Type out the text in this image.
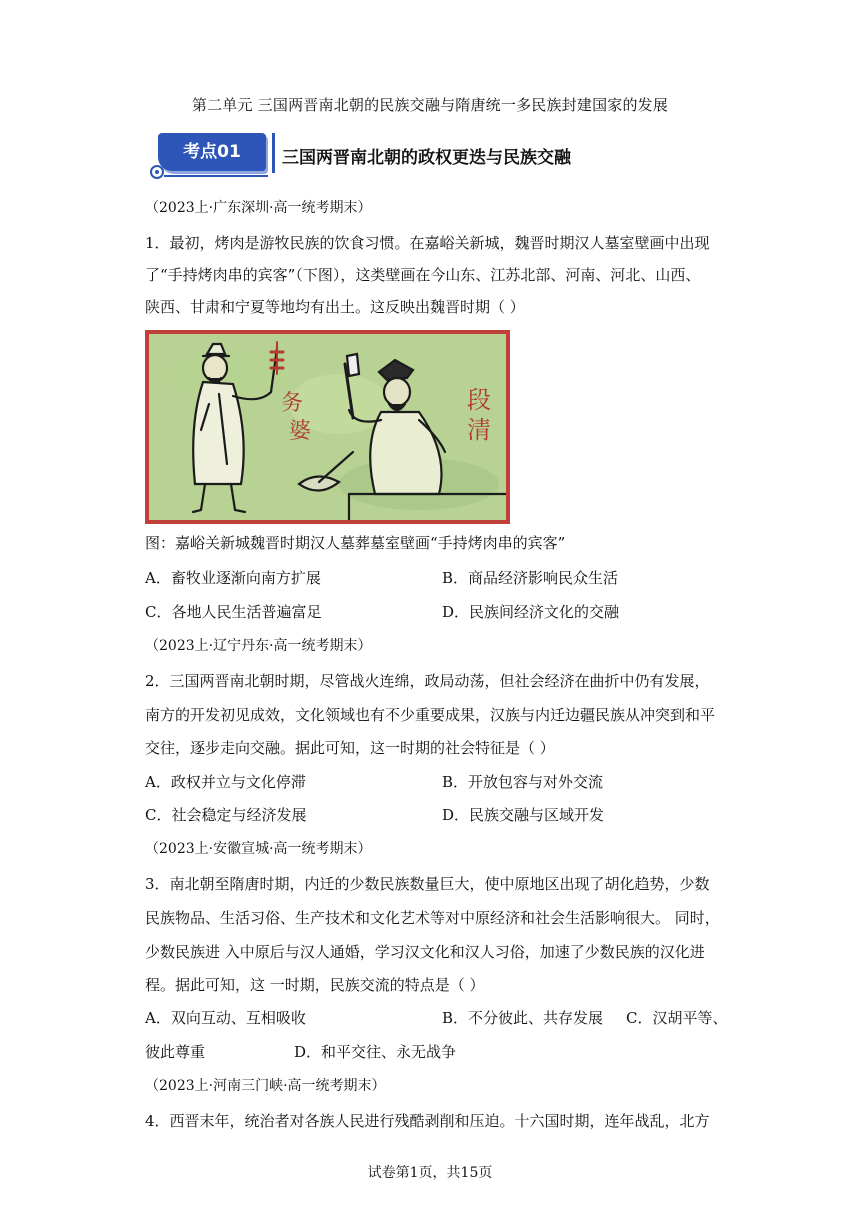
第二单元 三国两晋南北朝的民族交融与隋唐统一多民族封建国家的发展
考点01	三国两晋南北朝的政权更迭与民族交融
（2023上·广东深圳·高一统考期末）
1．最初，烤肉是游牧民族的饮食习惯。在嘉峪关新城，魏晋时期汉人墓室壁画中出现
了“手持烤肉串的宾客”（下图），这类壁画在今山东、江苏北部、河南、河北、山西、
陕西、甘肃和宁夏等地均有出土。这反映出魏晋时期（ ）
务
婆
段
清
图：嘉峪关新城魏晋时期汉人墓葬墓室壁画“手持烤肉串的宾客”
A．畜牧业逐渐向南方扩展	B．商品经济影响民众生活
C．各地人民生活普遍富足	D．民族间经济文化的交融
（2023上·辽宁丹东·高一统考期末）
2．三国两晋南北朝时期，尽管战火连绵，政局动荡，但社会经济在曲折中仍有发展，
南方的开发初见成效，文化领域也有不少重要成果，汉族与内迁边疆民族从冲突到和平
交往，逐步走向交融。据此可知，这一时期的社会特征是（ ）
A．政权并立与文化停滞	B．开放包容与对外交流
C．社会稳定与经济发展	D．民族交融与区域开发
（2023上·安徽宣城·高一统考期末）
3．南北朝至隋唐时期，内迁的少数民族数量巨大，使中原地区出现了胡化趋势，少数
民族物品、生活习俗、生产技术和文化艺术等对中原经济和社会生活影响很大。 同时，
少数民族进 入中原后与汉人通婚，学习汉文化和汉人习俗，加速了少数民族的汉化进
程。据此可知，这 一时期，民族交流的特点是（ ）
A．双向互动、互相吸收	B．不分彼此、共存发展 C．汉胡平等、
彼此尊重	D．和平交往、永无战争
（2023上·河南三门峡·高一统考期末）
4．西晋末年，统治者对各族人民进行残酷剥削和压迫。十六国时期，连年战乱，北方
试卷第1页，共15页
